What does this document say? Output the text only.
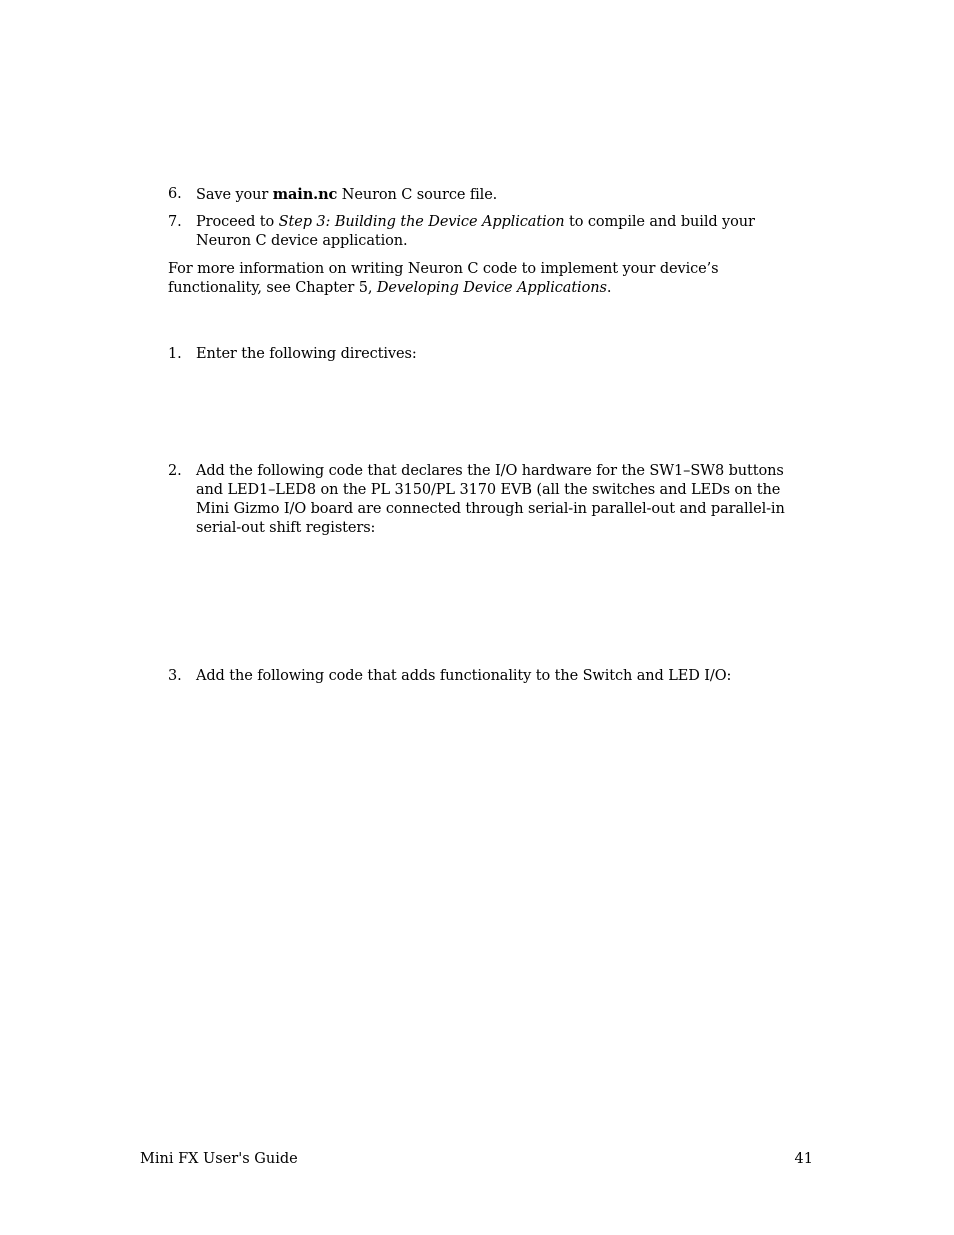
6. Save your main.nc Neuron C source file.
7. Proceed to Step 3: Building the Device Application to compile and build your Neuron C device application.
For more information on writing Neuron C code to implement your device’s functionality, see Chapter 5, Developing Device Applications.
1. Enter the following directives:
2. Add the following code that declares the I/O hardware for the SW1–SW8 buttons and LED1–LED8 on the PL 3150/PL 3170 EVB (all the switches and LEDs on the Mini Gizmo I/O board are connected through serial-in parallel-out and parallel-in serial-out shift registers:
3. Add the following code that adds functionality to the Switch and LED I/O:
Mini FX User's Guide	41
